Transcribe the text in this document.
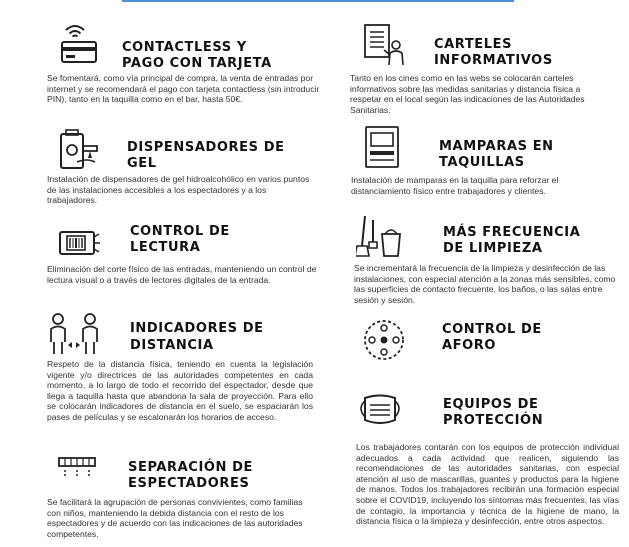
CONTACTLESS Y
PAGO CON TARJETA

Se fomentará, como vía principal de compra, la venta de entradas por internet y se recomendará el pago con tarjeta contactless (sin introducir PIN), tanto en la taquilla como en el bar, hasta 50€.

DISPENSADORES DE
GEL

Instalación de dispensadores de gel hidroalcohólico en varios puntos de las instalaciones accesibles a los espectadores y a los trabajadores.

CONTROL DE
LECTURA

Eliminación del corte físico de las entradas, manteniendo un control de lectura visual o a través de lectores digitales de la entrada.

INDICADORES DE
DISTANCIA

Respeto de la distancia física, teniendo en cuenta la legislación vigente y/o directrices de las autoridades competentes en cada momento, a lo largo de todo el recorrido del espectador, desde que llega a taquilla hasta que abandona la sala de proyección. Para ello se colocarán indicadores de distancia en el suelo, se espaciarán los pases de películas y se escalonarán los horarios de acceso.

SEPARACIÓN DE
ESPECTADORES

Se facilitará la agrupación de personas convivientes, como familias con niños, manteniendo la debida distancia con el resto de los espectadores y de acuerdo con las indicaciones de las autoridades competentes.

CARTELES
INFORMATIVOS

Tanto en los cines como en las webs se colocarán carteles informativos sobre las medidas sanitarias y distancia física a respetar en el local según las indicaciones de las Autoridades Sanitarias.

MAMPARAS EN
TAQUILLAS

Instalación de mamparas en la taquilla para reforzar el distanciamiento físico entre trabajadores y clientes.

MÁS FRECUENCIA
DE LIMPIEZA

Se incrementará la frecuencia de la limpieza y desinfección de las instalaciones, con especial atención a la zonas más sensibles, como las superficies de contacto frecuente, los baños, o las salas entre sesión y sesión.

CONTROL DE
AFORO
EQUIPOS DE
PROTECCIÓN

Los trabajadores contarán con los equipos de protección individual adecuados a cada actividad que realicen, siguiendo las recomendaciones de las autoridades sanitarias, con especial atención al uso de mascarillas, guantes y productos para la higiene de manos. Todos los trabajadores recibirán una formación especial sobre el COVID19, incluyendo los síntomas más frecuentes, las vías de contagio, la importancia y técnica de la higiene de mano, la distancia física o la limpieza y desinfección, entre otros aspectos.
